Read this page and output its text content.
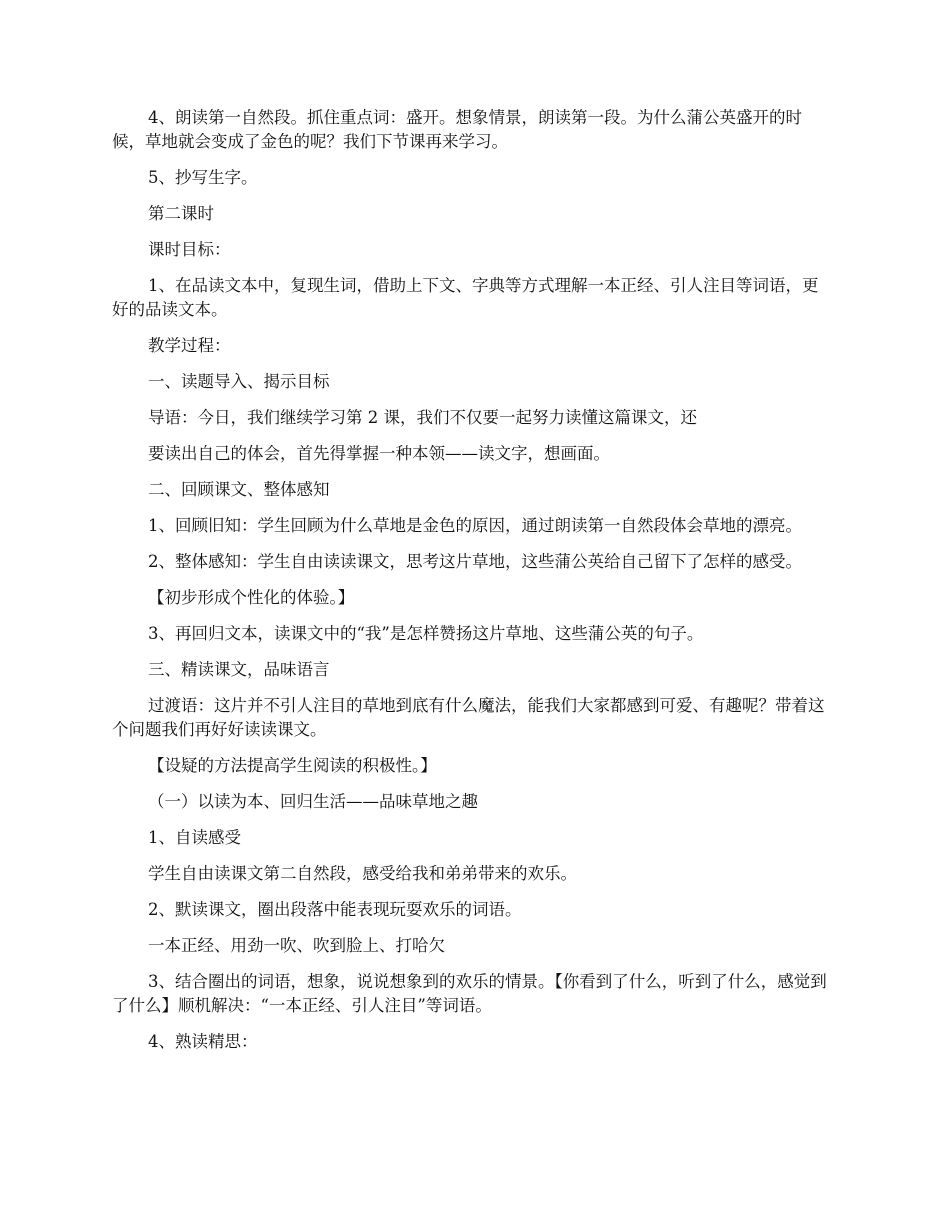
4、朗读第一自然段。抓住重点词：盛开。想象情景，朗读第一段。为什么蒲公英盛开的时候，草地就会变成了金色的呢？我们下节课再来学习。

5、抄写生字。

第二课时

课时目标：

1、在品读文本中，复现生词，借助上下文、字典等方式理解一本正经、引人注目等词语，更好的品读文本。

教学过程：

一、读题导入、揭示目标

导语：今日，我们继续学习第 2 课，我们不仅要一起努力读懂这篇课文，还

要读出自己的体会，首先得掌握一种本领——读文字，想画面。

二、回顾课文、整体感知

1、回顾旧知：学生回顾为什么草地是金色的原因，通过朗读第一自然段体会草地的漂亮。

2、整体感知：学生自由读读课文，思考这片草地，这些蒲公英给自己留下了怎样的感受。

【初步形成个性化的体验。】

3、再回归文本，读课文中的“我”是怎样赞扬这片草地、这些蒲公英的句子。

三、精读课文，品味语言

过渡语：这片并不引人注目的草地到底有什么魔法，能我们大家都感到可爱、有趣呢？带着这个问题我们再好好读读课文。

【设疑的方法提高学生阅读的积极性。】

（一）以读为本、回归生活——品味草地之趣

1、自读感受

学生自由读课文第二自然段，感受给我和弟弟带来的欢乐。

2、默读课文，圈出段落中能表现玩耍欢乐的词语。

一本正经、用劲一吹、吹到脸上、打哈欠

3、结合圈出的词语，想象，说说想象到的欢乐的情景。【你看到了什么，听到了什么，感觉到了什么】顺机解决：“一本正经、引人注目”等词语。

4、熟读精思：
